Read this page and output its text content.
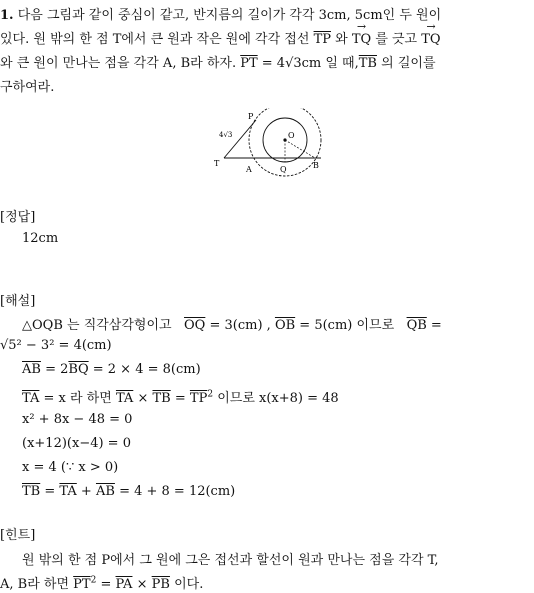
1. 다음 그림과 같이 중심이 같고, 반지름의 길이가 각각 3cm, 5cm인 두 원이
있다. 원 밖의 한 점 T에서 큰 원과 작은 원에 각각 접선 $\overline{TP}$ 와 → TQ 를 긋고 → TQ
와 큰 원이 만나는 점을 각각 A, B라 하자. $\overline{PT} = 4√3cm$ 일 때$,\overline{TB}$ 의 길이를
구하여라.
P
O
T
A	Q	B
4√3
[정답]
12cm
[해설]
△OQB 는 직각삼각형이고 $\overline{OQ} = 3(cm)$ , $\overline{OB} = 5(cm)$ 이므로 $\overline{QB}$ =
√5² − 3² = 4(cm)
$\overline{AB} = 2\overline{BQ} = 2 \times 4 = 8(cm)$
$\overline{TA} = x$ 라 하면 $\overline{TA} \times \overline{TB} = \overline{TP}^2$ 이므로 x(x+8) = 48
x² + 8x − 48 = 0
(x+12)(x−4) = 0
x = 4 (∵ x > 0)
$\overline{TB} = \overline{TA} + \overline{AB} = 4 + 8 = 12(cm)$
[힌트]
원 밖의 한 점 P에서 그 원에 그은 접선과 할선이 원과 만나는 점을 각각 T,
A, B라 하면 $\overline{PT}^2 = \overline{PA} \times \overline{PB}$ 이다.
